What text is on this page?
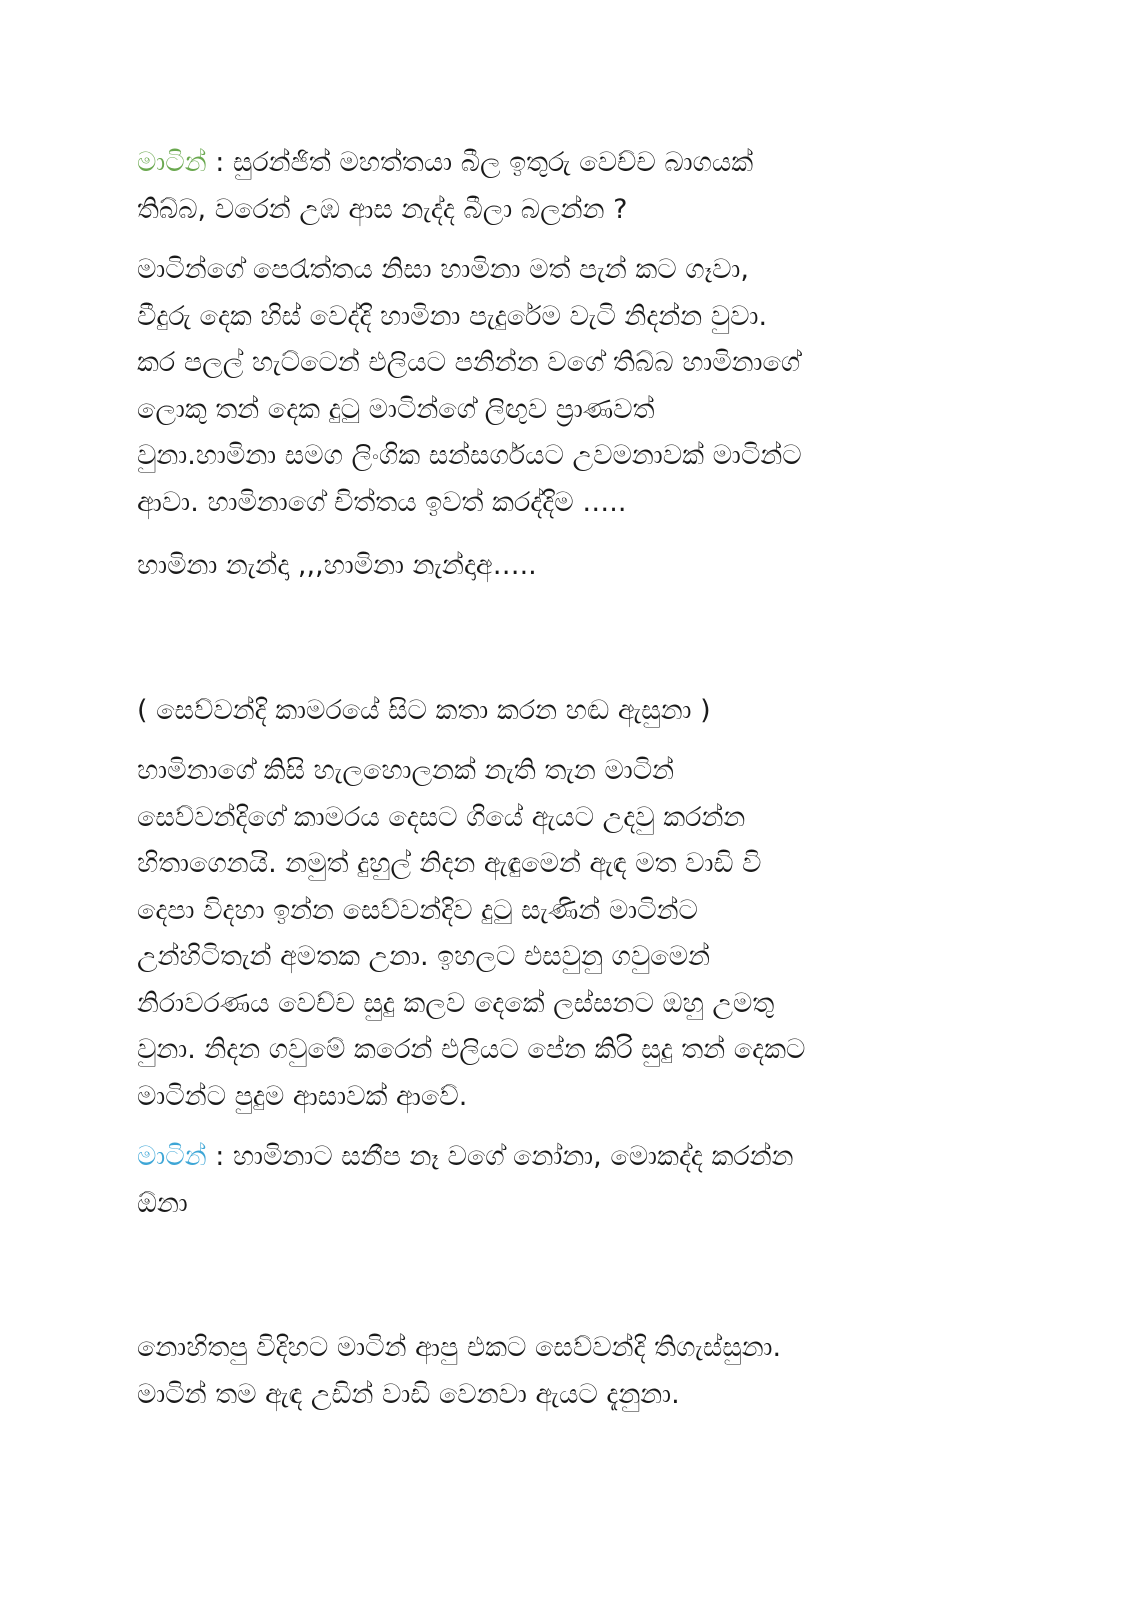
මාටින් : සුරන්ජිත් මහත්තයා බීල ඉතුරු වෙච්ච බාගයක්
තිබ්බ, වරෙන් උඹ ආස නැද්ද බීලා බලන්න ?

මාටින්ගේ පෙරැත්තය නිසා හාමිනා මත් පැන් කට ගෑවා,
වීදුරු දෙක හිස් වෙද්දි හාමිනා පැදුරේම වැටි නිදන්න වුවා.
කර පලල් හැට්ටෙන් එලියට පනින්න වගේ තිබ්බ හාමිනාගේ
ලොකු තන් දෙක දුටු මාටින්ගේ ලිඟුව ප්‍රාණවත්
වුනා.හාමිනා සමග ලිංගික සන්සර්ගයට උවමනාවක් මාටින්ට
ආවා. හාමිනාගේ චිත්තය ඉවත් කරද්දිම …..

හාමිනා නැන්දා ,,,හාමිනා නැන්දාඅ…..

( සෙව්වන්දි කාමරයේ සිට කතා කරන හඬ ඇසුනා )

හාමිනාගේ කිසි හැලහොලනක් නැති තැන මාටින්
සෙව්වන්දිගේ කාමරය දෙසට ගියේ ඇයට උදවු කරන්න
හිතාගෙනයි. නමුත් දුහුල් නිදන ඇඳුමෙන් ඇඳ මත වාඩි වි
දෙපා විදහා ඉන්න සෙව්වන්දිව දුටු සැණින් මාටින්ට
උන්හිටිතැන් අමතක උනා. ඉහලට එසවුනු ගවුමෙන්
නිරාවරණය වෙච්ච සුදු කලව දෙකේ ලස්සනට ඔහු උමතු
වුනා. නිදන ගවුමේ කරෙන් එලියට පේන කිරි සුදු තන් දෙකට
මාටින්ට පුදුම ආසාවක් ආවේ.

මාටින් : හාමිනාට සනීප නෑ වගේ නෝනා, මොකද්ද කරන්න
ඕනා

නොහිතපු විදිහට මාටින් ආපු එකට සෙව්වන්දි තිගැස්සුනා.
මාටින් තම ඇඳ උඩින් වාඩි වෙනවා ඇයට දැනුනා.
